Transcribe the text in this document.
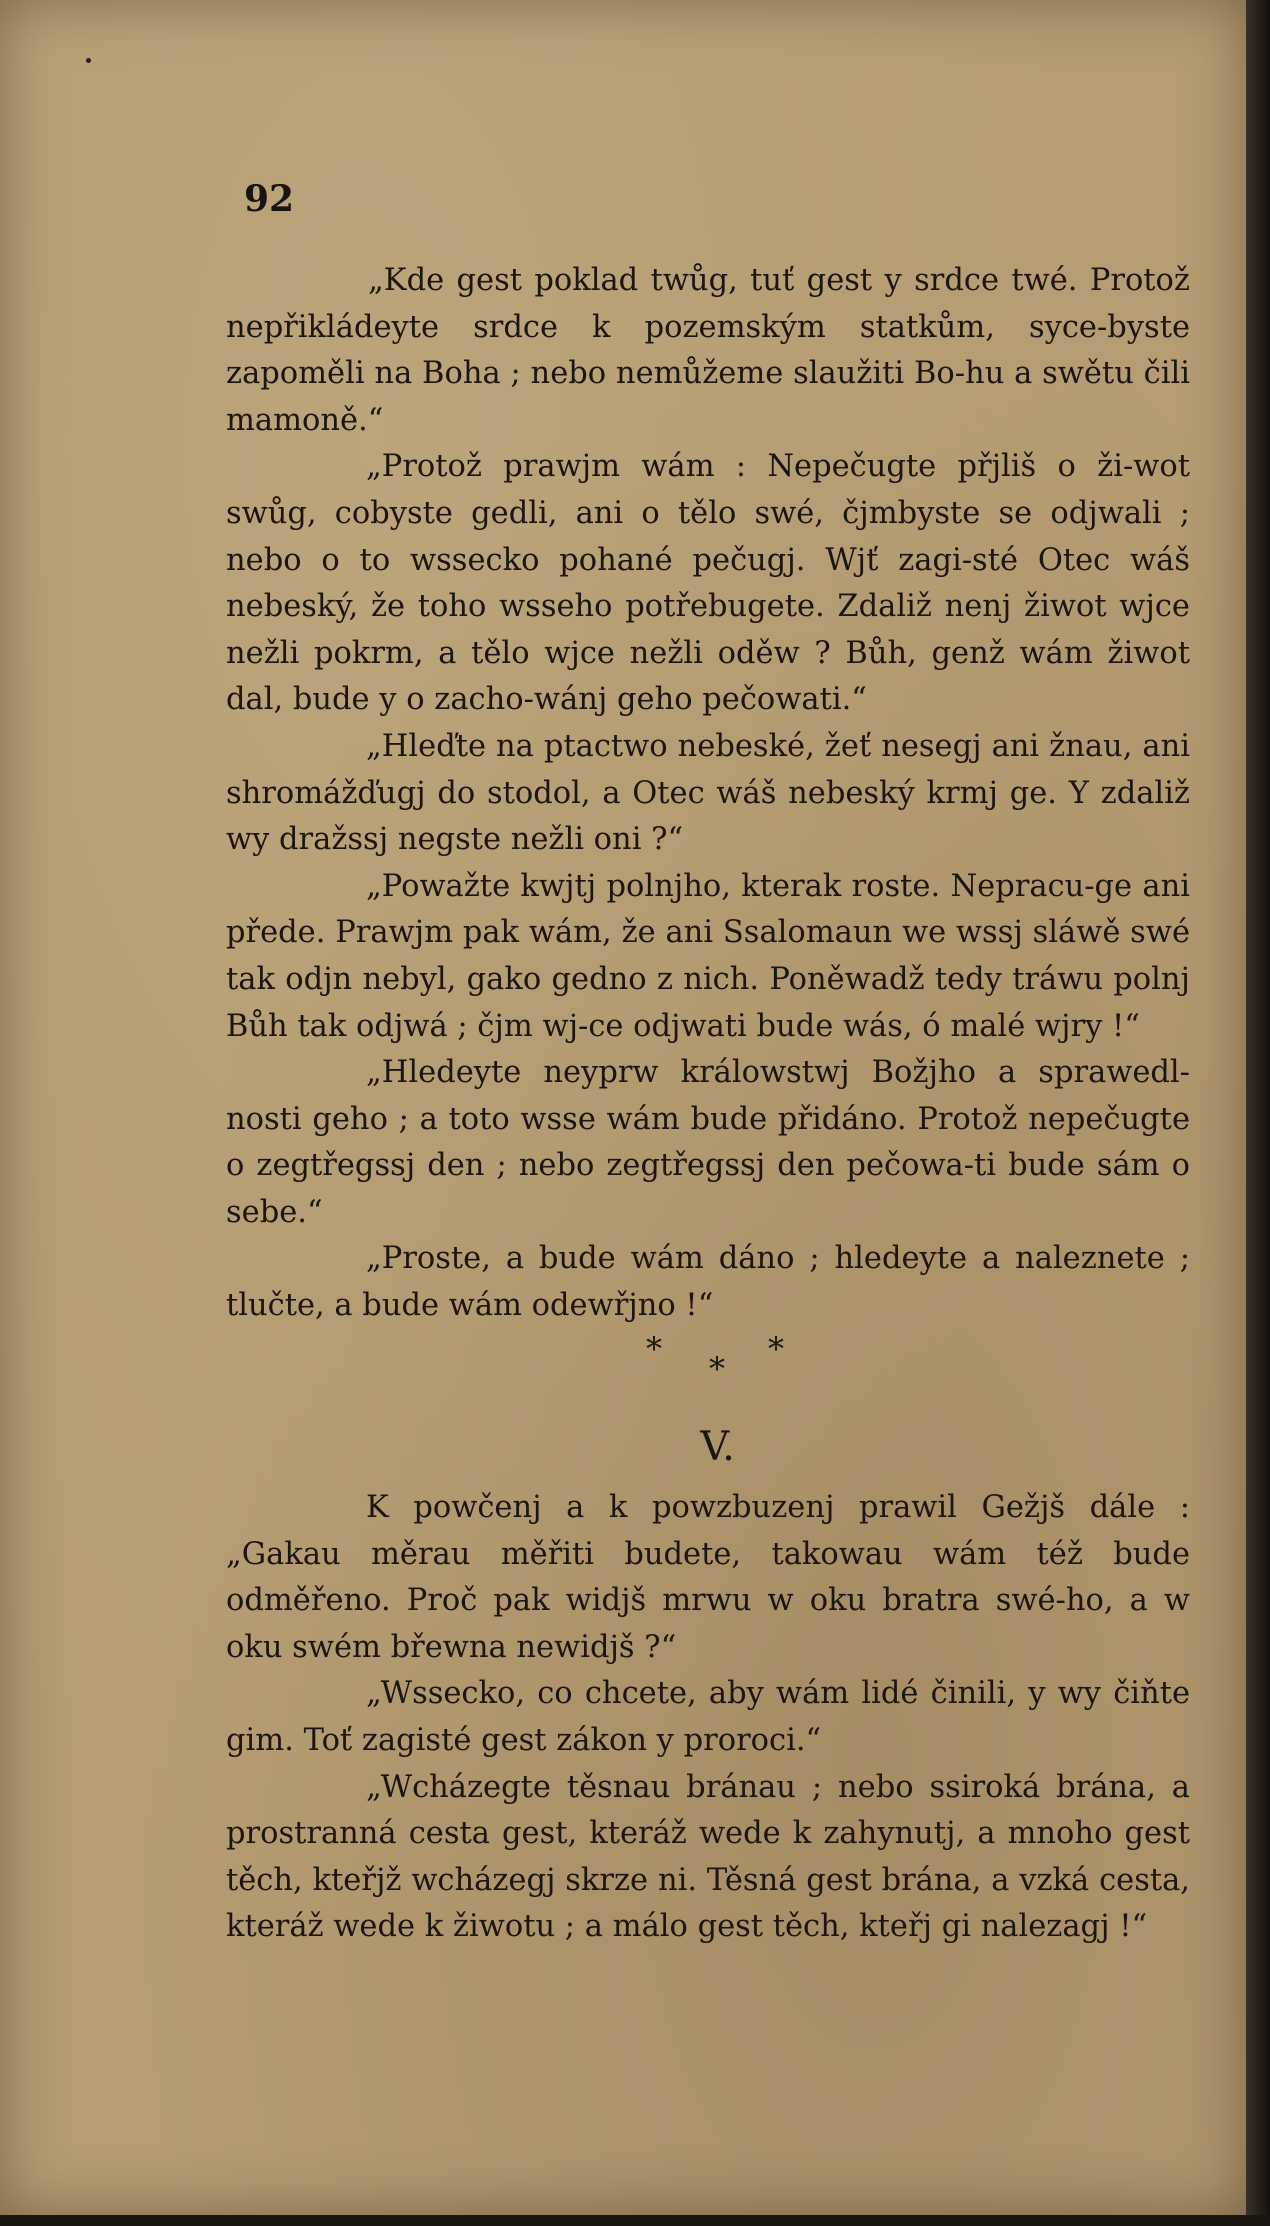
92

„Kde gest poklad twůg, tuť gest y srdce twé. Protož nepřikládeyte srdce k pozemským statkům, syce-byste zapoměli na Boha ; nebo nemůžeme slaužiti Bo-hu a swětu čili mamoně.“

„Protož prawjm wám : Nepečugte přjliš o ži-wot swůg, cobyste gedli, ani o tělo swé, čjmbyste se odjwali ; nebo o to wssecko pohané pečugj. Wjť zagi-sté Otec wáš nebeský, že toho wsseho potřebugete. Zdaliž nenj žiwot wjce nežli pokrm, a tělo wjce nežli oděw ? Bůh, genž wám žiwot dal, bude y o zacho-wánj geho pečowati.“

„Hleďte na ptactwo nebeské, žeť nesegj ani žnau, ani shromážďugj do stodol, a Otec wáš nebeský krmj ge. Y zdaliž wy dražssj negste nežli oni ?“

„Powažte kwjtj polnjho, kterak roste. Nepracu-ge ani přede. Prawjm pak wám, že ani Ssalomaun we wssj sláwě swé tak odjn nebyl, gako gedno z nich. Poněwadž tedy tráwu polnj Bůh tak odjwá ; čjm wj-ce odjwati bude wás, ó malé wjry !“

„Hledeyte neyprw králowstwj Božjho a sprawedl-nosti geho ; a toto wsse wám bude přidáno. Protož nepečugte o zegtřegssj den ; nebo zegtřegssj den pečowa-ti bude sám o sebe.“

„Proste, a bude wám dáno ; hledeyte a naleznete ; tlučte, a bude wám odewřjno !“

*
*
*
V.

K powčenj a k powzbuzenj prawil Gežjš dále : „Gakau měrau měřiti budete, takowau wám též bude odměřeno. Proč pak widjš mrwu w oku bratra swé-ho, a w oku swém břewna newidjš ?“

„Wssecko, co chcete, aby wám lidé činili, y wy čiňte gim. Toť zagisté gest zákon y proroci.“

„Wcházegte těsnau bránau ; nebo ssiroká brána, a prostranná cesta gest, kteráž wede k zahynutj, a mnoho gest těch, kteřjž wcházegj skrze ni. Těsná gest brána, a vzká cesta, kteráž wede k žiwotu ; a málo gest těch, kteřj gi nalezagj !“
